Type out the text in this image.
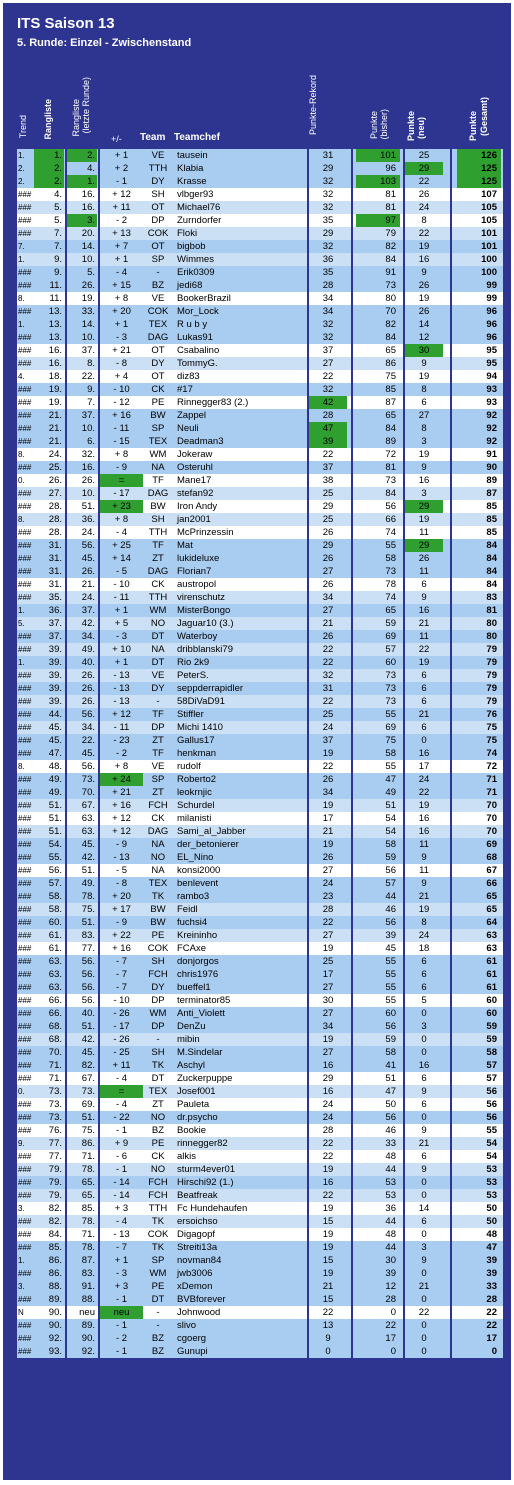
ITS Saison 13
5. Runde: Einzel - Zwischenstand
Trend Rangliste	(letzte Runde)
Rangliste
+/- Team Teamchef
Punkte-Rekord	Punkte (bisher) Punkte (neu)	Punkte (Gesamt)
1.	1.	2.	+ 1	VE	tausein	31	101	25	126
2.	2.	4.	+ 2	TTH	Klabia	29	96	29	125
2.	2.	1.	- 1	DY	Krasse	32	103	22	125
###	4.	16.	+ 12	SH	vlbger93	32	81	26	107
###	5.	16.	+ 11	OT	Michael76	32	81	24	105
###	5.	3.	- 2	DP	Zurndorfer	35	97	8	105
###	7.	20.	+ 13	COK Floki	29	79	22	101
7.	7.	14.	+ 7	OT	bigbob	32	82	19	101
1.	9.	10.	+ 1	SP	Wimmes	36	84	16	100
###	9.	5.	- 4	-	Erik0309	35	91	9	100
###	11.	26.	+ 15	BZ	jedi68	28	73	26	99
8.	11.	19.	+ 8	VE	BookerBrazil	34	80	19	99
###	13.	33.	+ 20	COK Mor_Lock	34	70	26	96
1.	13.	14.	+ 1	TEX	R u b y	32	82	14	96
###	13.	10.	- 3	DAG Lukas91	32	84	12	96
###	16.	37.	+ 21	OT	Csabalino	37	65	30	95
###	16.	8.	- 8	DY	TommyG.	27	86	9	95
4.	18.	22.	+ 4	OT	diz83	22	75	19	94
###	19.	9.	- 10	CK	#17	32	85	8	93
###	19.	7.	- 12	PE	Rinnegger83 (2.)	42	87	6	93
###	21.	37.	+ 16	BW	Zappel	28	65	27	92
###	21.	10.	- 11	SP	Neuli	47	84	8	92
###	21.	6.	- 15	TEX	Deadman3	39	89	3	92
8.	24.	32.	+ 8	WM	Jokeraw	22	72	19	91
###	25.	16.	- 9	NA	Osteruhl	37	81	9	90
0.	26.	26.	=	TF	Mane17	38	73	16	89
###	27.	10.	- 17	DAG stefan92	25	84	3	87
###	28.	51.	+ 23	BW	Iron Andy	29	56	29	85
8.	28.	36.	+ 8	SH	jan2001	25	66	19	85
###	28.	24.	- 4	TTH	McPrinzessin	26	74	11	85
###	31.	56.	+ 25	TF	Mat	29	55	29	84
###	31.	45.	+ 14	ZT	lukideluxe	26	58	26	84
###	31.	26.	- 5	DAG Florian7	27	73	11	84
###	31.	21.	- 10	CK	austropol	26	78	6	84
###	35.	24.	- 11	TTH	virenschutz	34	74	9	83
1.	36.	37.	+ 1	WM	MisterBongo	27	65	16	81
5.	37.	42.	+ 5	NO	Jaguar10 (3.)	21	59	21	80
###	37.	34.	- 3	DT	Waterboy	26	69	11	80
###	39.	49.	+ 10	NA	dribblanski79	22	57	22	79
1.	39.	40.	+ 1	DT	Rio 2k9	22	60	19	79
###	39.	26.	- 13	VE	PeterS.	32	73	6	79
###	39.	26.	- 13	DY	seppderrapidler	31	73	6	79
###	39.	26.	- 13	-	58DiVaD91	22	73	6	79
###	44.	56.	+ 12	TF	Stiffler	25	55	21	76
###	45.	34.	- 11	DP	Michi 1410	24	69	6	75
###	45.	22.	- 23	ZT	Gallus17	37	75	0	75
###	47.	45.	- 2	TF	henkman	19	58	16	74
8.	48.	56.	+ 8	VE	rudolf	22	55	17	72
###	49.	73.	+ 24	SP	Roberto2	26	47	24	71
###	49.	70.	+ 21	ZT	leokrnjic	34	49	22	71
###	51.	67.	+ 16	FCH Schurdel	19	51	19	70
###	51.	63.	+ 12	CK	milanisti	17	54	16	70
###	51.	63.	+ 12	DAG Sami_al_Jabber	21	54	16	70
###	54.	45.	- 9	NA	der_betonierer	19	58	11	69
###	55.	42.	- 13	NO	EL_Nino	26	59	9	68
###	56.	51.	- 5	NA	konsi2000	27	56	11	67
###	57.	49.	- 8	TEX	benlevent	24	57	9	66
###	58.	78.	+ 20	TK	rambo3	23	44	21	65
###	58.	75.	+ 17	BW	Feidl	28	46	19	65
###	60.	51.	- 9	BW	fuchsi4	22	56	8	64
###	61.	83.	+ 22	PE	Kreininho	27	39	24	63
###	61.	77.	+ 16	COK FCAxe	19	45	18	63
###	63.	56.	- 7	SH	donjorgos	25	55	6	61
###	63.	56.	- 7	FCH chris1976	17	55	6	61
###	63.	56.	- 7	DY	bueffel1	27	55	6	61
###	66.	56.	- 10	DP	terminator85	30	55	5	60
###	66.	40.	- 26	WM	Anti_Violett	27	60	0	60
###	68.	51.	- 17	DP	DenZu	34	56	3	59
###	68.	42.	- 26	-	mibin	19	59	0	59
###	70.	45.	- 25	SH	M.Sindelar	27	58	0	58
###	71.	82.	+ 11	TK	Aschyl	16	41	16	57
###	71.	67.	- 4	DT	Zuckerpuppe	29	51	6	57
0.	73.	73.	=	TEX	Josef001	16	47	9	56
###	73.	69.	- 4	ZT	Pauleta	24	50	6	56
###	73.	51.	- 22	NO	dr.psycho	24	56	0	56
###	76.	75.	- 1	BZ	Bookie	28	46	9	55
9.	77.	86.	+ 9	PE	rinnegger82	22	33	21	54
###	77.	71.	- 6	CK	alkis	22	48	6	54
###	79.	78.	- 1	NO	sturm4ever01	19	44	9	53
###	79.	65.	- 14	FCH Hirschi92 (1.)	16	53	0	53
###	79.	65.	- 14	FCH Beatfreak	22	53	0	53
3.	82.	85.	+ 3	TTH	Fc Hundehaufen	19	36	14	50
###	82.	78.	- 4	TK	ersoichso	15	44	6	50
###	84.	71.	- 13	COK Digagopf	19	48	0	48
###	85.	78.	- 7	TK	Streiti13a	19	44	3	47
1.	86.	87.	+ 1	SP	novman84	15	30	9	39
###	86.	83.	- 3	WM	jwb3006	19	39	0	39
3.	88.	91.	+ 3	PE	xDemon	21	12	21	33
###	89.	88.	- 1	DT	BVBforever	15	28	0	28
N	90.	neu	neu	-	Johnwood	22	0	22	22
###	90.	89.	- 1	-	slivo	13	22	0	22
###	92.	90.	- 2	BZ	cgoerg	9	17	0	17
###	93.	92.	- 1	BZ	Gunupi	0	0	0	0
